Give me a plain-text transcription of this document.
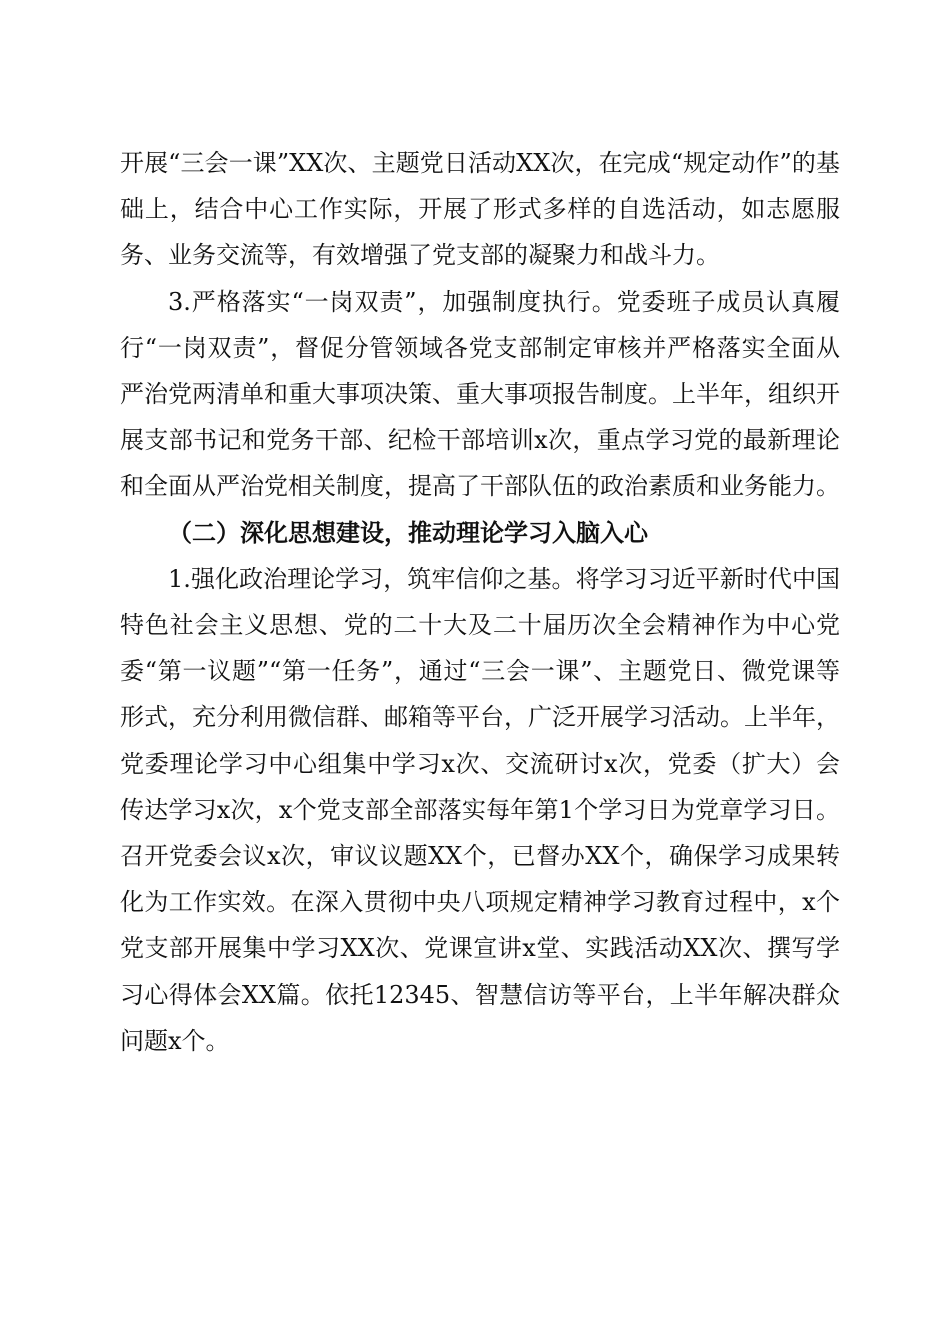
开展“三会一课”XX次、主题党日活动XX次，在完成“规定动作”的基础上，结合中心工作实际，开展了形式多样的自选活动，如志愿服务、业务交流等，有效增强了党支部的凝聚力和战斗力。

3.严格落实“一岗双责”，加强制度执行。党委班子成员认真履行“一岗双责”，督促分管领域各党支部制定审核并严格落实全面从严治党两清单和重大事项决策、重大事项报告制度。上半年，组织开展支部书记和党务干部、纪检干部培训x次，重点学习党的最新理论和全面从严治党相关制度，提高了干部队伍的政治素质和业务能力。

（二）深化思想建设，推动理论学习入脑入心

1.强化政治理论学习，筑牢信仰之基。将学习习近平新时代中国特色社会主义思想、党的二十大及二十届历次全会精神作为中心党委“第一议题”“第一任务”，通过“三会一课”、主题党日、微党课等形式，充分利用微信群、邮箱等平台，广泛开展学习活动。上半年，党委理论学习中心组集中学习x次、交流研讨x次，党委（扩大）会传达学习x次，x个党支部全部落实每年第1个学习日为党章学习日。召开党委会议x次，审议议题XX个，已督办XX个，确保学习成果转化为工作实效。在深入贯彻中央八项规定精神学习教育过程中，x个党支部开展集中学习XX次、党课宣讲x堂、实践活动XX次、撰写学习心得体会XX篇。依托12345、智慧信访等平台，上半年解决群众问题x个。
